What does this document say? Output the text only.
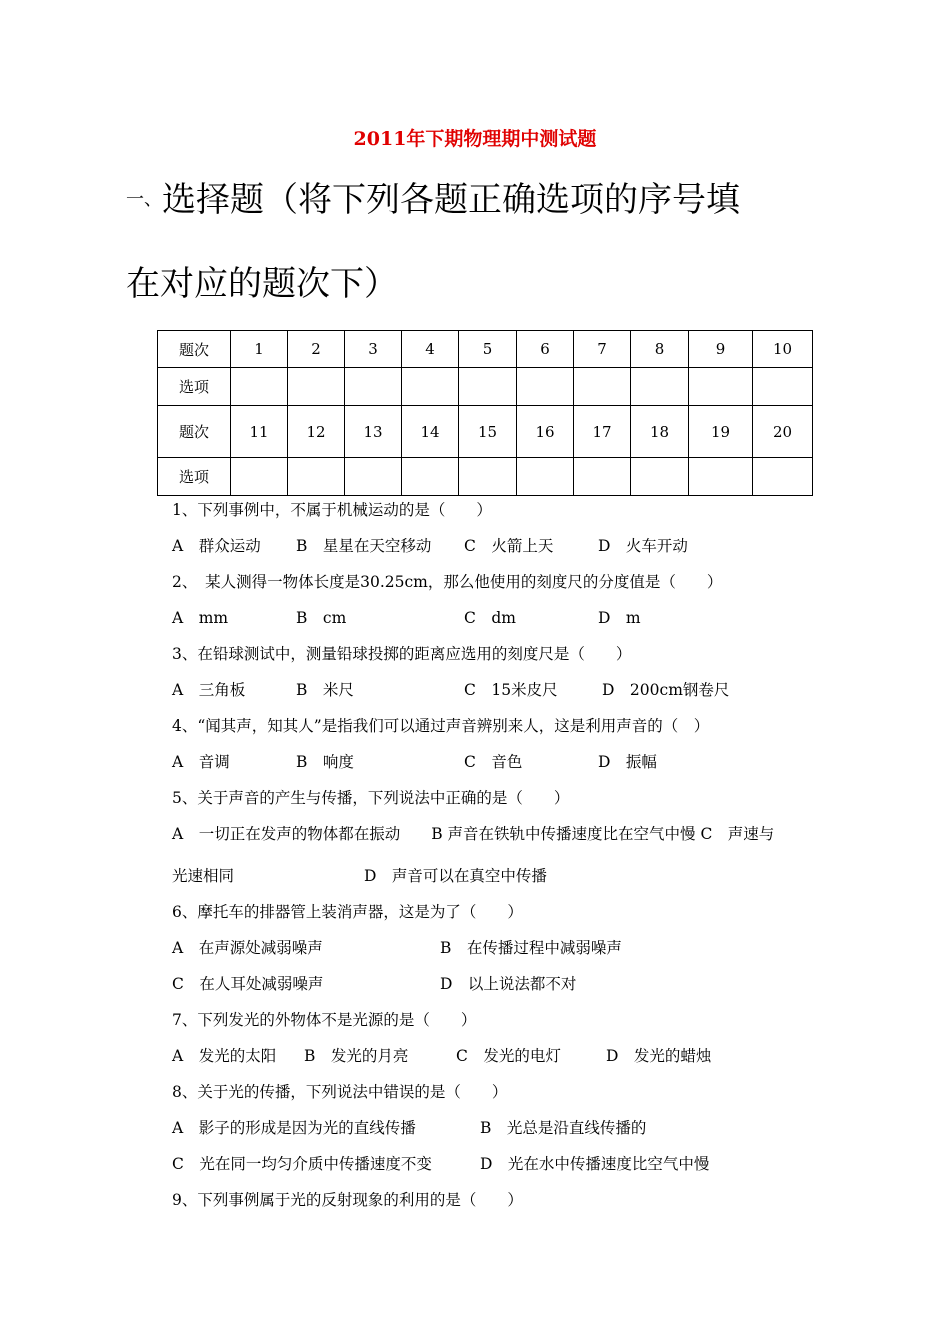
2011年下期物理期中测试题
一、选择题（将下列各题正确选项的序号填
在对应的题次下）
题次	1	2	3	4	5	6	7	8	9	10
选项										
题次	11	12	13	14	15	16	17	18	19	20
选项										
1、下列事例中，不属于机械运动的是（　　）
A　群众运动 B　星星在天空移动 C　火箭上天	D　火车开动
2、　某人测得一物体长度是30.25cm，那么他使用的刻度尺的分度值是（　　）
A　mm	B　cm	C　dm	D　m
3、在铅球测试中，测量铅球投掷的距离应选用的刻度尺是（　　）
A　三角板	B　米尺	C　15米皮尺	D　200cm钢卷尺
4、“闻其声，知其人”是指我们可以通过声音辨别来人，这是利用声音的（　）
A　音调	B　响度	C　音色	D　振幅
5、关于声音的产生与传播，下列说法中正确的是（　　）
A　一切正在发声的物体都在振动　　B 声音在铁轨中传播速度比在空气中慢 C　声速与
光速相同	D　声音可以在真空中传播
6、摩托车的排器管上装消声器，这是为了（　　）
A　在声源处减弱噪声	B　在传播过程中减弱噪声
C　在人耳处减弱噪声	D　以上说法都不对
7、下列发光的外物体不是光源的是（　　）
A　发光的太阳 B　发光的月亮	C　发光的电灯	D　发光的蜡烛
8、关于光的传播，下列说法中错误的是（　　）
A　影子的形成是因为光的直线传播	B　光总是沿直线传播的
C　光在同一均匀介质中传播速度不变	D　光在水中传播速度比空气中慢
9、下列事例属于光的反射现象的利用的是（　　）
